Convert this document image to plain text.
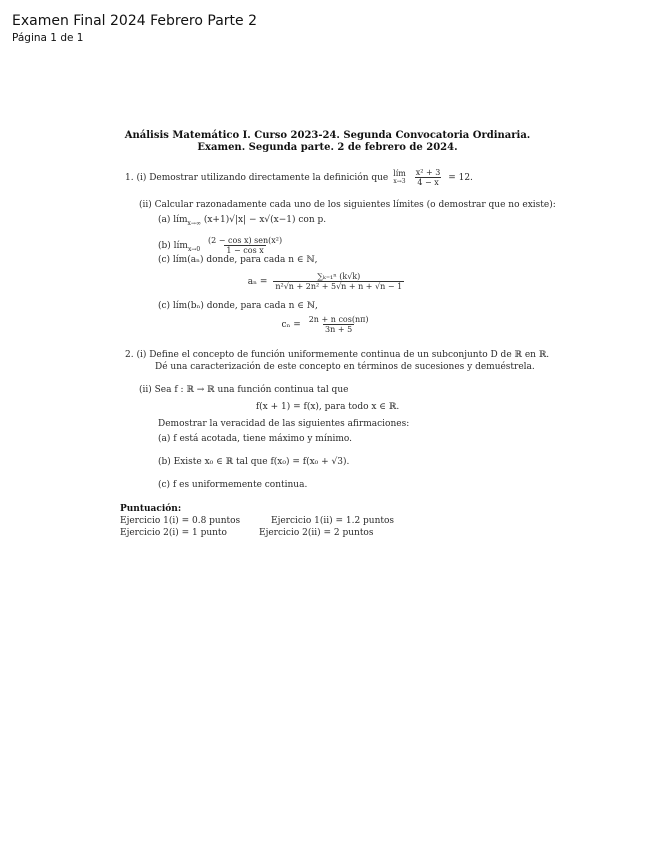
Examen Final 2024 Febrero Parte 2
Página 1 de 1
Análisis Matemático I. Curso 2023-24. Segunda Convocatoria Ordinaria.
Examen. Segunda parte. 2 de febrero de 2024.
1. (i) Demostrar utilizando directamente la definición que lím
x→3
$\frac{\text{x² + 3}}{4 - x} = 12$.
(ii) Calcular razonadamente cada uno de los siguientes límites (o demostrar que no existe):
(a) lím$_{x\to\infty}$ (x+1)√|x| − x√(x−1) con p.
(b) lím$_{x\to 0}$ $\frac{\text{(2 − cos x) sen(x²)}}{\text{1 − cos x}}$
(c) lím(aₙ) donde, para cada n ∈ ℕ,
$a_n = \frac{\text{∑ₖ₌₁ⁿ (k√k)}}{\text{n²√n + 2n² + 5√n + n + √n − 1}}$
(c) lím(bₙ) donde, para cada n ∈ ℕ,
$c_n = \frac{\text{2n + n cos(nπ)}}{3n + 5}$
2. (i) Define el concepto de función uniformemente continua de un subconjunto D de ℝ en ℝ.
Dé una caracterización de este concepto en términos de sucesiones y demuéstrela.
(ii) Sea f : ℝ → ℝ una función continua tal que
f(x + 1) = f(x), para todo x ∈ ℝ.
Demostrar la veracidad de las siguientes afirmaciones:
(a) f está acotada, tiene máximo y mínimo.
(b) Existe x₀ ∈ ℝ tal que f(x₀) = f(x₀ + √3).
(c) f es uniformemente continua.
Puntuación:
Ejercicio 1(i) = 0.8 puntos	Ejercicio 1(ii) = 1.2 puntos
Ejercicio 2(i) = 1 punto	Ejercicio 2(ii) = 2 puntos
